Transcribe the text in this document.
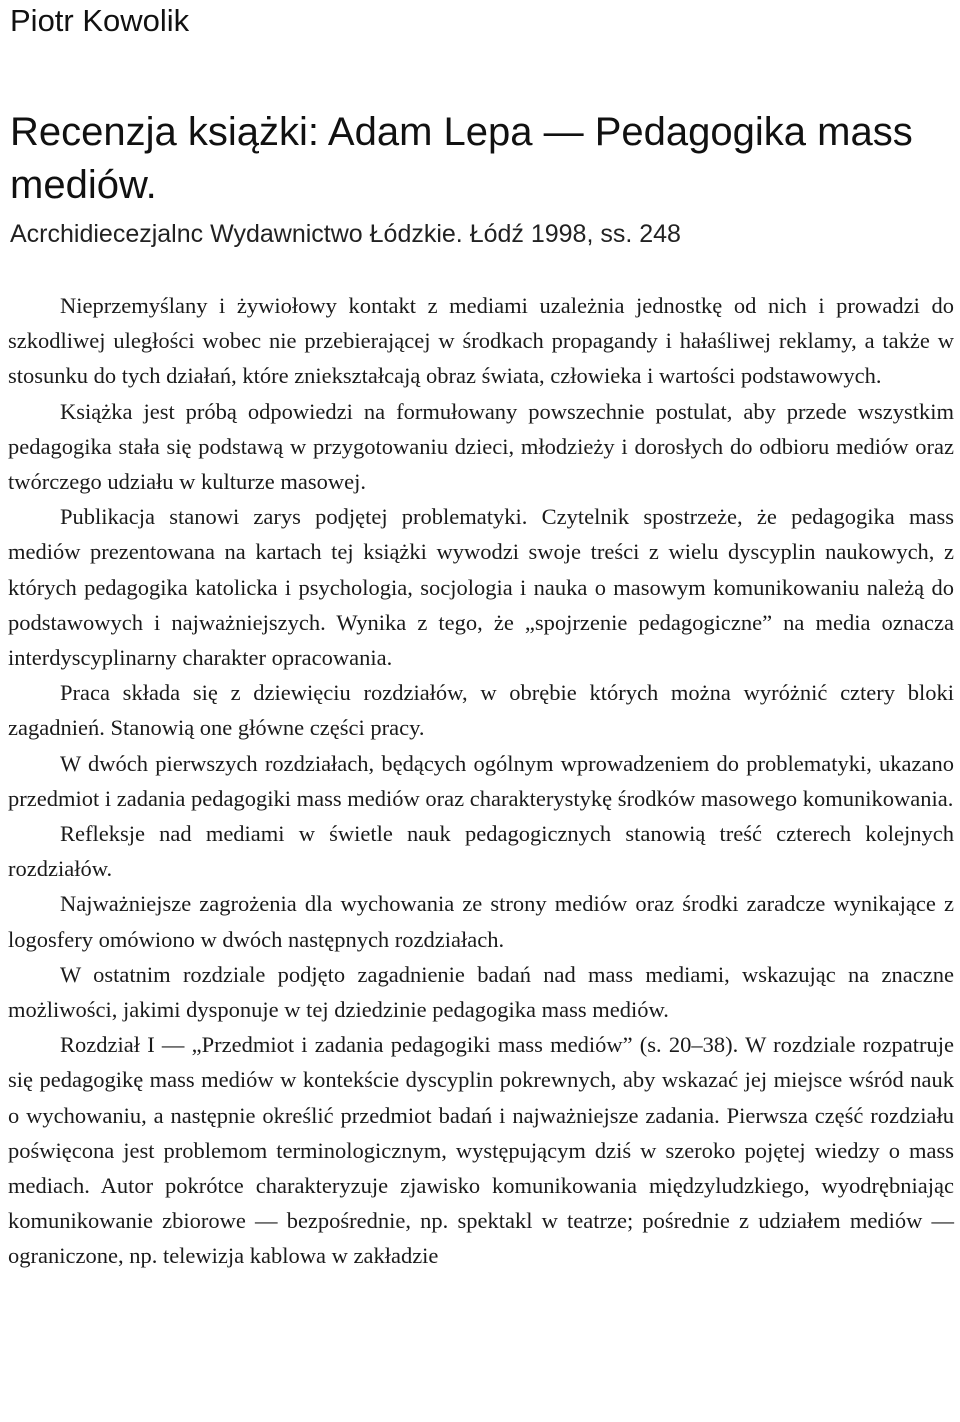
Piotr Kowolik
Recenzja książki: Adam Lepa — Pedagogika mass mediów.
Acrchidiecezjalnc Wydawnictwo Łódzkie. Łódź 1998, ss. 248

Nieprzemyślany i żywiołowy kontakt z mediami uzależnia jednostkę od nich i prowadzi do szkodliwej uległości wobec nie przebierającej w środkach propagandy i hałaśliwej reklamy, a także w stosunku do tych działań, które zniekształcają obraz świata, człowieka i wartości podstawowych.

Książka jest próbą odpowiedzi na formułowany powszechnie postulat, aby przede wszystkim pedagogika stała się podstawą w przygotowaniu dzieci, młodzieży i dorosłych do odbioru mediów oraz twórczego udziału w kulturze masowej.

Publikacja stanowi zarys podjętej problematyki. Czytelnik spostrzeże, że pedagogika mass mediów prezentowana na kartach tej książki wywodzi swoje treści z wielu dyscyplin naukowych, z których pedagogika katolicka i psychologia, socjologia i nauka o masowym komunikowaniu należą do podstawowych i najważniejszych. Wynika z tego, że „spojrzenie pedagogiczne” na media oznacza interdyscyplinarny charakter opracowania.

Praca składa się z dziewięciu rozdziałów, w obrębie których można wyróżnić cztery bloki zagadnień. Stanowią one główne części pracy.

W dwóch pierwszych rozdziałach, będących ogólnym wprowadzeniem do problematyki, ukazano przedmiot i zadania pedagogiki mass mediów oraz charakterystykę środków masowego komunikowania.

Refleksje nad mediami w świetle nauk pedagogicznych stanowią treść czterech kolejnych rozdziałów.

Najważniejsze zagrożenia dla wychowania ze strony mediów oraz środki zaradcze wynikające z logosfery omówiono w dwóch następnych rozdziałach.

W ostatnim rozdziale podjęto zagadnienie badań nad mass mediami, wskazując na znaczne możliwości, jakimi dysponuje w tej dziedzinie pedagogika mass mediów.

Rozdział I — „Przedmiot i zadania pedagogiki mass mediów” (s. 20–38). W rozdziale rozpatruje się pedagogikę mass mediów w kontekście dyscyplin pokrewnych, aby wskazać jej miejsce wśród nauk o wychowaniu, a następnie określić przedmiot badań i najważniejsze zadania. Pierwsza część rozdziału poświęcona jest problemom terminologicznym, występującym dziś w szeroko pojętej wiedzy o mass mediach. Autor pokrótce charakteryzuje zjawisko komunikowania międzyludzkiego, wyodrębniając komunikowanie zbiorowe — bezpośrednie, np. spektakl w teatrze; pośrednie z udziałem mediów — ograniczone, np. telewizja kablowa w zakładzie
